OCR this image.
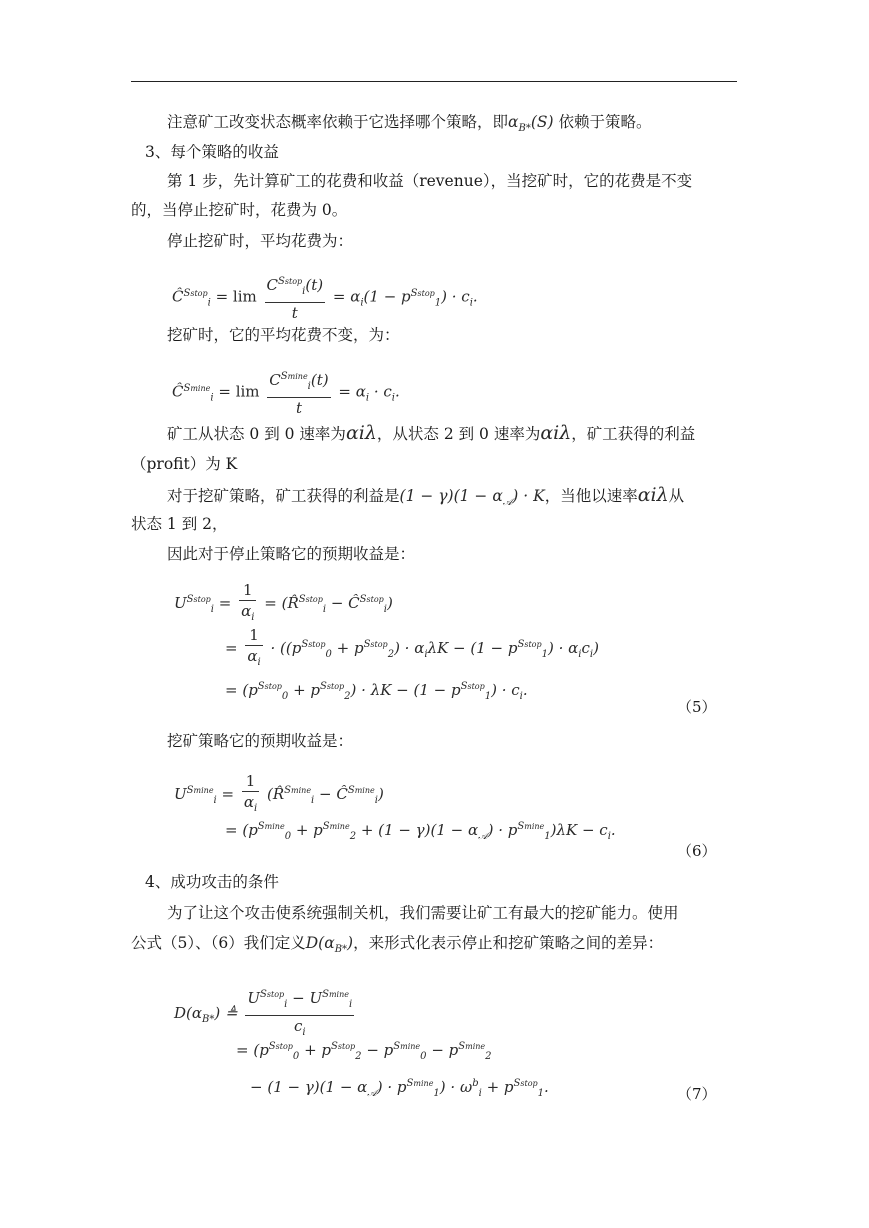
注意矿工改变状态概率依赖于它选择哪个策略，即$\alpha_{B*}(S)$ 依赖于策略。
3、每个策略的收益
第 1 步，先计算矿工的花费和收益（revenue），当挖矿时，它的花费是不变
的，当停止挖矿时，花费为 0。
停止挖矿时，平均花费为：
$Ĉ^{Sstop}_i = \lim \frac{C^{Sstop}_i(t)}{t} = \alpha_i(1 - p^{Sstop}_1) \cdot c_i$.
挖矿时，它的平均花费不变，为：
$Ĉ^{Smine}_i = \lim \frac{C^{Smine}_i(t)}{t} = \alpha_i \cdot c_i$.
矿工从状态 0 到 0 速率为αiλ，从状态 2 到 0 速率为αiλ，矿工获得的利益
（profit）为 K
对于挖矿策略，矿工获得的利益是$(1 - \gamma)(1 - \alpha_𝒜) \cdot K$，当他以速率αiλ从
状态 1 到 2，
因此对于停止策略它的预期收益是：
$U^{Sstop}_i = \frac{1}{\alpha_i}$ = (R̂$^{Sstop}_i$ − $Ĉ^{Sstop}_i$)
= $\frac{1}{\alpha_i} \cdot ((p^{Sstop}_0 + p^{Sstop}_2) \cdot \alpha_i\lambda K - (1 - p^{Sstop}_1) \cdot \alpha_ic_i)$
= $(p^{Sstop}_0 + p^{Sstop}_2) \cdot \lambda K - (1 - p^{Sstop}_1) \cdot c_i$.
（5）
挖矿策略它的预期收益是：
$U^{Smine}_i = \frac{1}{\alpha_i}$ (R̂$^{Smine}_i$ − $Ĉ^{Smine}_i$)
= $(p^{Smine}_0 + p^{Smine}_2 + (1 - \gamma)(1 - \alpha_𝒜) \cdot p^{Smine}_1)\lambda K - c_i$.
（6）
4、成功攻击的条件
为了让这个攻击使系统强制关机，我们需要让矿工有最大的挖矿能力。使用
公式（5）、（6）我们定义$D(\alpha_{B*})$，来形式化表示停止和挖矿策略之间的差异：
$D(\alpha_{B*})$ ≜ $\frac{U^{Sstop}_i - U^{Smine}_i}{c_i}$
= ($p^{Sstop}_0 + p^{Sstop}_2 - p^{Smine}_0 - p^{Smine}_2$
− $(1 - \gamma)(1 - \alpha_𝒜) \cdot p^{Smine}_1) \cdot \omega^b_i + p^{Sstop}_1$.	（7）
